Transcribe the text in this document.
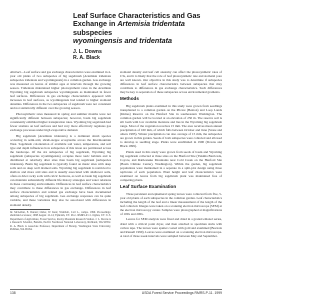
Leaf Surface Characteristics and Gas
Exchange in Artemisia tridentata subspecies
wyomingensis and tridentata
J. L. Downs
R. A. Black

Abstract—Leaf surface and gas exchange characteristics were examined in 4-year old plants of two subspecies of big sagebrush (Artemisia tridentata subspecies tridentata and wyomingensis) in a common garden. Gas exchange was measured on leaves of similar ages at intervals through the growing season. Tridentata maintained higher photosynthetic rates in the Artemisia Wyoming big sagebrush subspecies wyomingensis as maintained in fewer leaf surfaces. Differences in gas exchange characteristics appeared with increases in leaf surfaces, as wyomingensis had tended to higher stomatal densities. Differences in the two subspecies of sagebrush were not consistent and not statistically different over the growing season.

Photosynthetic rates measured in spring and summer months were not significantly different between subspecies; however, basin big sagebrush consistently exhibited higher transpiration rates. Wyoming big sagebrush had fewer stomata on leaf surfaces and had very more effectively regulates gas exchange processes under high evaporative demand.

Big sagebrush (Artemisia tridentata) is a dominant shrub species occurring in semi-arid, shrub-steppe ecosystems across the Intermountain West. Sagebrush colonization of available soil water, temperature, and soil type and depth influences how subspecies of this taxon are partitioned across the landscape. Of the six subspecies of big sagebrush, Wyoming big sagebrush (subspecies wyomingensis) occupies more xeric habitats and is distributed at relatively drier sites than basin big sagebrush (subspecies tridentata). Basin big sagebrush is typically found on mesic sites with deep soils and on deep well drained soils. Wyoming big sagebrush is restricted to shallow and more arid sites and is usually associated with shallower soils, often on drier rocky soils with calcic horizons, as well as basin big sagebrush can maintain substantially different life history strategies and water relations in these contrasting environments. Differences in leaf surface characteristics may contribute to these differences in gas exchange. Differences in leaf surface characteristics and related gas exchange have been documented among subspecies of big sagebrush. Gas exchange responses can be quite variable, and these variations may also be associated with differences in stomatal density.

In: McArthur, E. Durant; Ostler, W. Kent; Wambolt, Carl L., comps. 1999. Proceedings: shrubland ecotones; 1998 August 12-14; Ephraim, UT. Proc. RMRS-P-11. Ogden, UT: U.S. Department of Agriculture, Forest Service, Rocky Mountain Research Station. J. L. Downs is a Research Scientist, Battelle, Pacific Northwest National Laboratory, Richland, WA 99352. R. A. Black is Associate Professor, Department of Botany, Washington State University, Pullman, WA 99164.

stomatal density and leaf cell anatomy can affect the photosynthetic rates of C3s, and it is likely that the role of leaf photosynthetic rate and stomatal pore are well known. Our objective in this study was to determine if subspecies differences in leaf surface characteristics between subspecies that may contribute to differences in gas exchange characteristics. Such differences may be key to separation of these subspecies across environmental gradients.

Methods

Big sagebrush plants examined in this study were grown from seedlings transplanted to a common garden on the Pilcare (Benton) and Loop Lands (Kimes) Reserve on the Hanford Site in southeastern Washington. The common garden will be located at an elevation of 250 m. The reserve soil is silt loam with low available moisture and lies in the Wyoming big sagebrush range. Most of the vegetation receives 15 mm. The area receives mean annual precipitation of 160 mm, of which falls between October and June (Stone and others 1983). Winter precipitation can also average of 15 mm, the subspecies are grown in this garden. Seeds of both subspecies were collected and allowed to develop to seedling stage. Plants were established in 1990 (Downs and Black 1999).

Plants used in this study were grown from seeds of basin and Wyoming big sagebrush collected at three sites on the Hanford Site (Yakima Barricade, Coyote, and Rattlesnake Mountains near Cold Creek on the Hanford Site (Basin Climate Center), Washington). Within the garden, big sagebrush populations were maintained in a separate in a split-plot design using three replicates of each population. Plant height and leaf characteristics were examined on leaves from big sagebrush plant was maintained free of competing plants.

Leaf Surface Examination

Three persistent and ephemeral spring leaves were collected from five, 5-year old plants of each subspecies in the common garden. Leaf characteristics including the length of the leaf and a linear measurement of the length of the leaf collected. Images were taken on a scanning electron microscope (SEM) at the electron microscopy center. Samples were photographed at magnifications of 100x and 200x.

Leaves for SEM analysis were fixed and dried in a graded ethanol series, dried with a critical point dryer, and then attached to specimen stubs with carbon tape. The leaves were sputter coated with gold and examined (Bozzola and Russell 1999). Leaves were examined on a scanning electron microscope. A total of three-week intervals were sampled between May and September.

138	USDA Forest Service Proceedings RMRS-P-11. 1999
